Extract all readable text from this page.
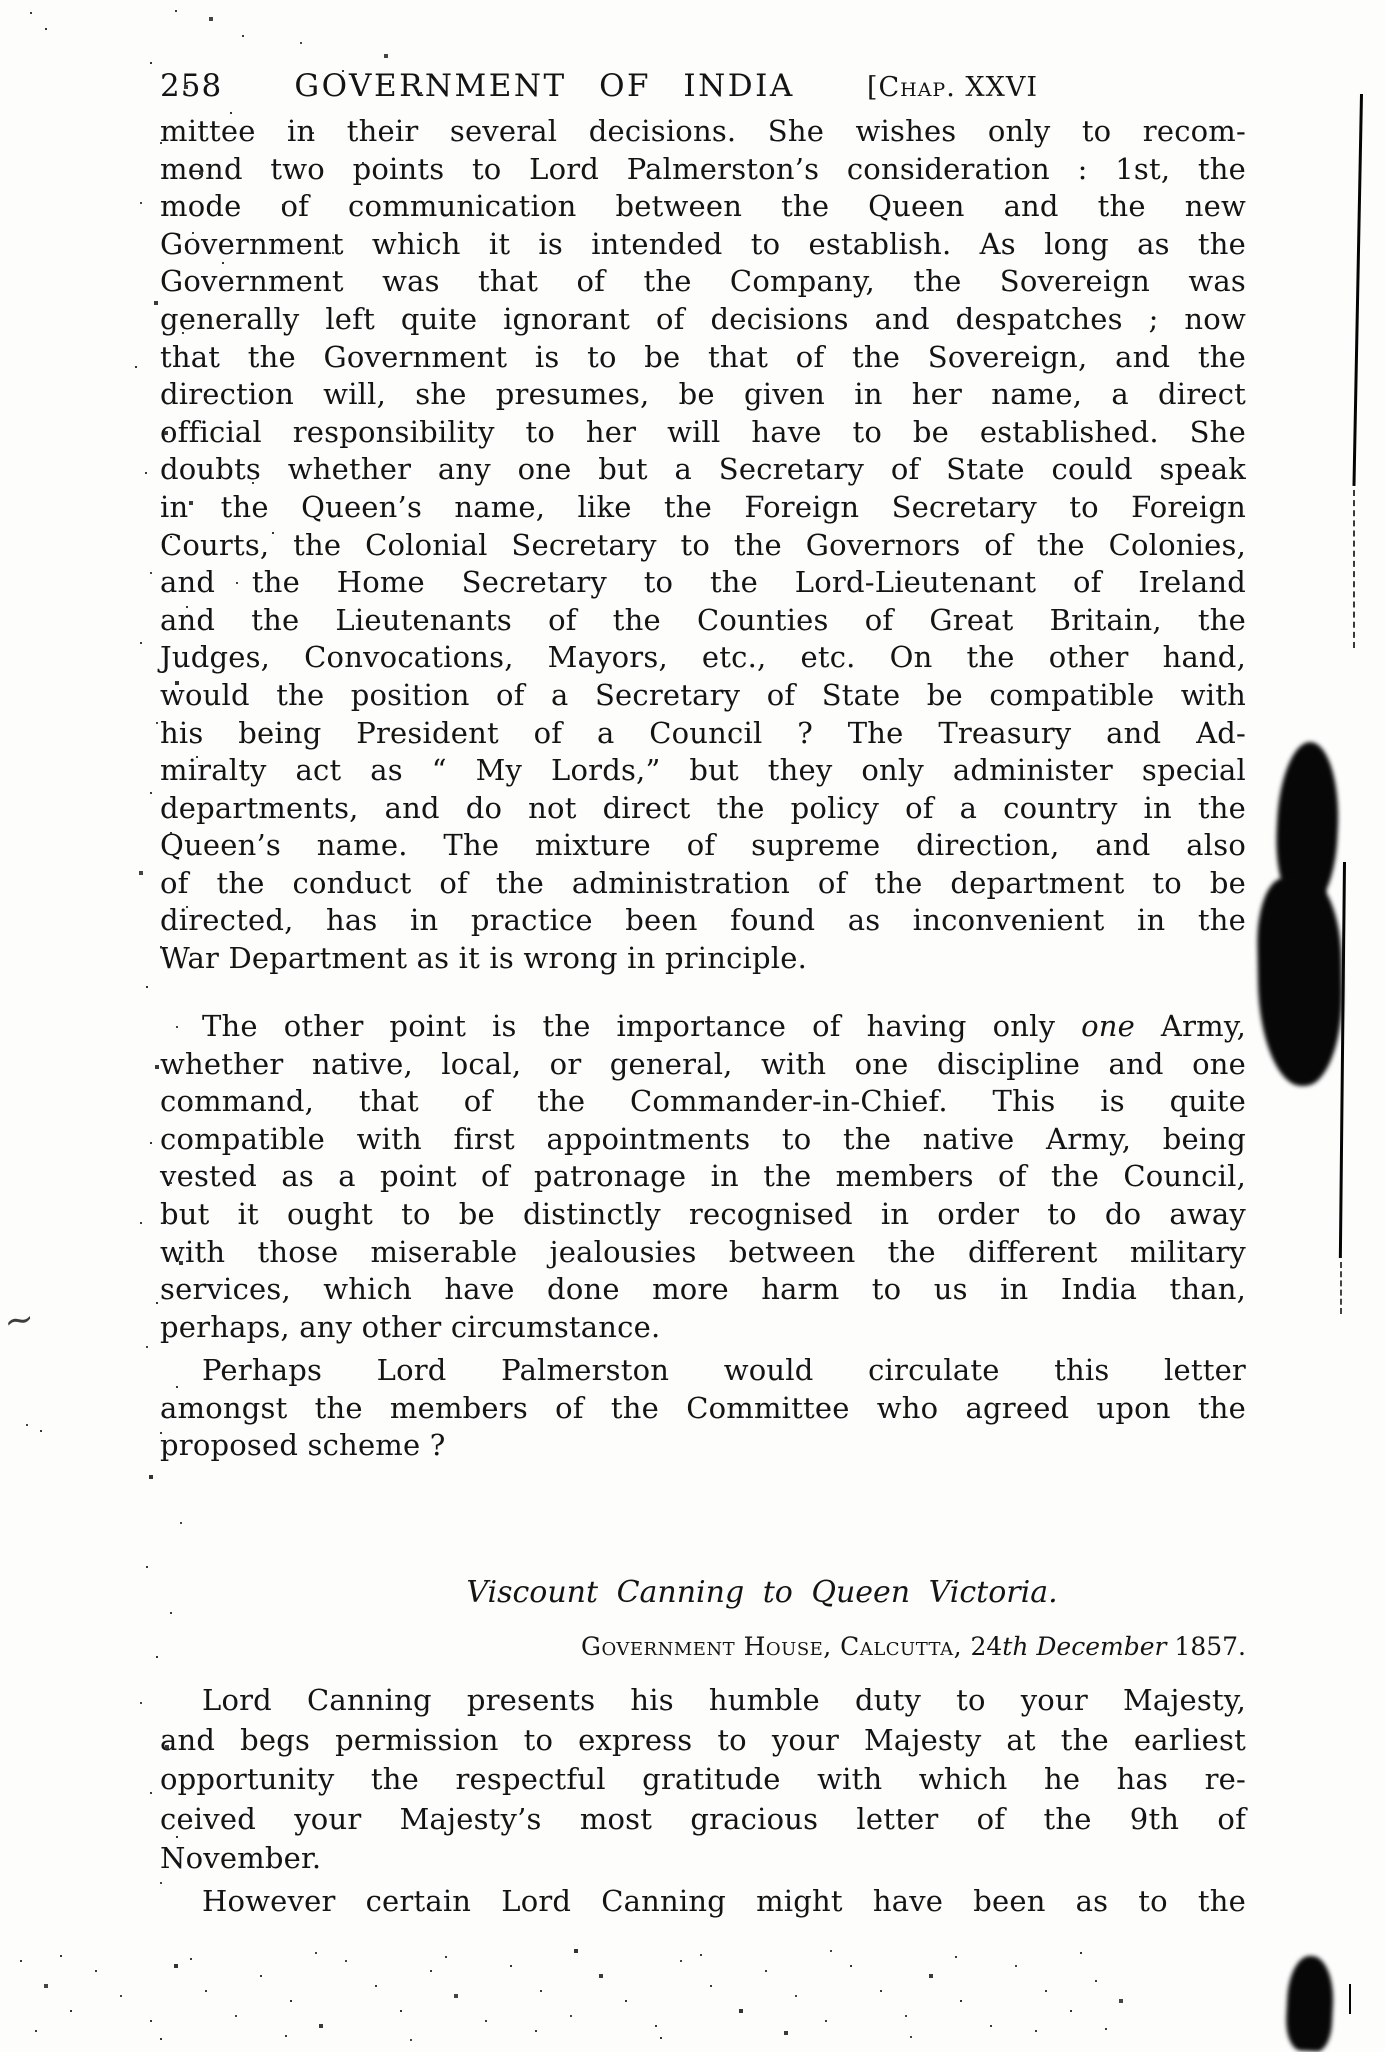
258 GOVERNMENT OF INDIA	[Chap. XXVI
mittee in their several decisions. She wishes only to recom-
mend two points to Lord Palmerston’s consideration : 1st, the
mode of communication between the Queen and the new
Government which it is intended to establish. As long as the
Government was that of the Company, the Sovereign was
generally left quite ignorant of decisions and despatches ; now
that the Government is to be that of the Sovereign, and the
direction will, she presumes, be given in her name, a direct
official responsibility to her will have to be established. She
doubts whether any one but a Secretary of State could speak
in the Queen’s name, like the Foreign Secretary to Foreign
Courts, the Colonial Secretary to the Governors of the Colonies,
and the Home Secretary to the Lord-Lieutenant of Ireland
and the Lieutenants of the Counties of Great Britain, the
Judges, Convocations, Mayors, etc., etc. On the other hand,
would the position of a Secretary of State be compatible with
his being President of a Council ? The Treasury and Ad-
miralty act as “ My Lords,” but they only administer special
departments, and do not direct the policy of a country in the
Queen’s name. The mixture of supreme direction, and also
of the conduct of the administration of the department to be
directed, has in practice been found as inconvenient in the
War Department as it is wrong in principle.
The other point is the importance of having only one Army,
whether native, local, or general, with one discipline and one
command, that of the Commander-in-Chief. This is quite
compatible with first appointments to the native Army, being
vested as a point of patronage in the members of the Council,
but it ought to be distinctly recognised in order to do away
with those miserable jealousies between the different military
services, which have done more harm to us in India than,
perhaps, any other circumstance.
Perhaps Lord Palmerston would circulate this letter
amongst the members of the Committee who agreed upon the
proposed scheme ?
Viscount Canning to Queen Victoria.
Government House, Calcutta, 24th December 1857.
Lord Canning presents his humble duty to your Majesty,
and begs permission to express to your Majesty at the earliest
opportunity the respectful gratitude with which he has re-
ceived your Majesty’s most gracious letter of the 9th of
November.
However certain Lord Canning might have been as to the
~
